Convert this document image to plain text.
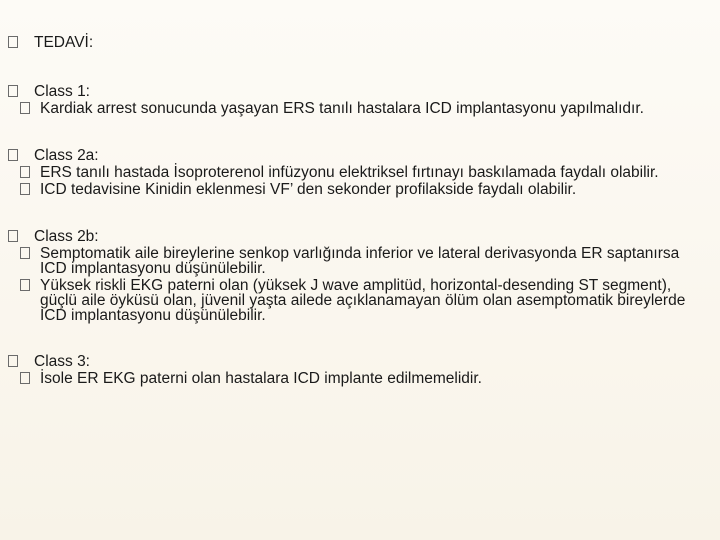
TEDAVİ:
Class 1:
Kardiak arrest sonucunda yaşayan ERS tanılı hastalara ICD implantasyonu yapılmalıdır.
Class 2a:
ERS tanılı hastada İsoproterenol infüzyonu elektriksel fırtınayı baskılamada faydalı olabilir.
ICD tedavisine Kinidin eklenmesi VF’ den sekonder profilakside faydalı olabilir.
Class 2b:
Semptomatik aile bireylerine senkop varlığında inferior ve lateral derivasyonda ER saptanırsa ICD implantasyonu düşünülebilir.
Yüksek riskli EKG paterni olan (yüksek J wave amplitüd, horizontal-desending ST segment), güçlü aile öyküsü olan, jüvenil yaşta ailede açıklanamayan ölüm olan asemptomatik bireylerde ICD implantasyonu düşünülebilir.
Class 3:
İsole ER EKG paterni olan hastalara ICD implante edilmemelidir.
